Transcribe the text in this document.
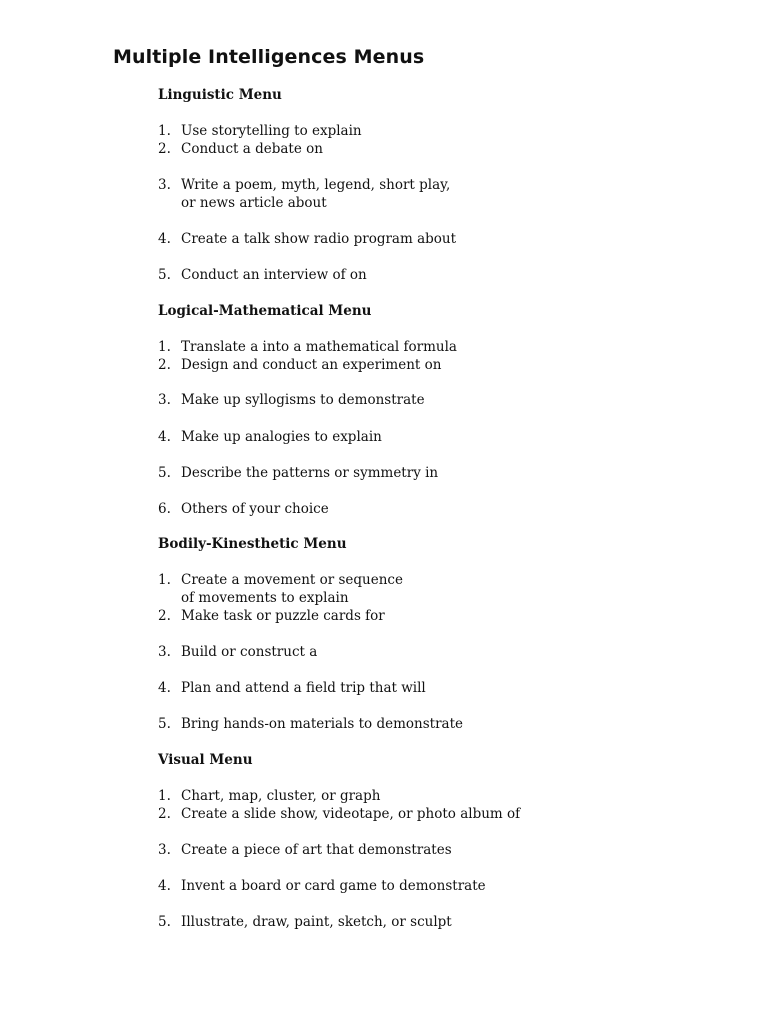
Multiple Intelligences Menus
Linguistic Menu
1. Use storytelling to explain
2. Conduct a debate on
3. Write a poem, myth, legend, short play,
or news article about
4. Create a talk show radio program about
5. Conduct an interview of on
Logical-Mathematical Menu
1. Translate a into a mathematical formula
2. Design and conduct an experiment on
3. Make up syllogisms to demonstrate
4. Make up analogies to explain
5. Describe the patterns or symmetry in
6. Others of your choice
Bodily-Kinesthetic Menu
1. Create a movement or sequence
of movements to explain
2. Make task or puzzle cards for
3. Build or construct a
4. Plan and attend a field trip that will
5. Bring hands-on materials to demonstrate
Visual Menu
1. Chart, map, cluster, or graph
2. Create a slide show, videotape, or photo album of
3. Create a piece of art that demonstrates
4. Invent a board or card game to demonstrate
5. Illustrate, draw, paint, sketch, or sculpt
